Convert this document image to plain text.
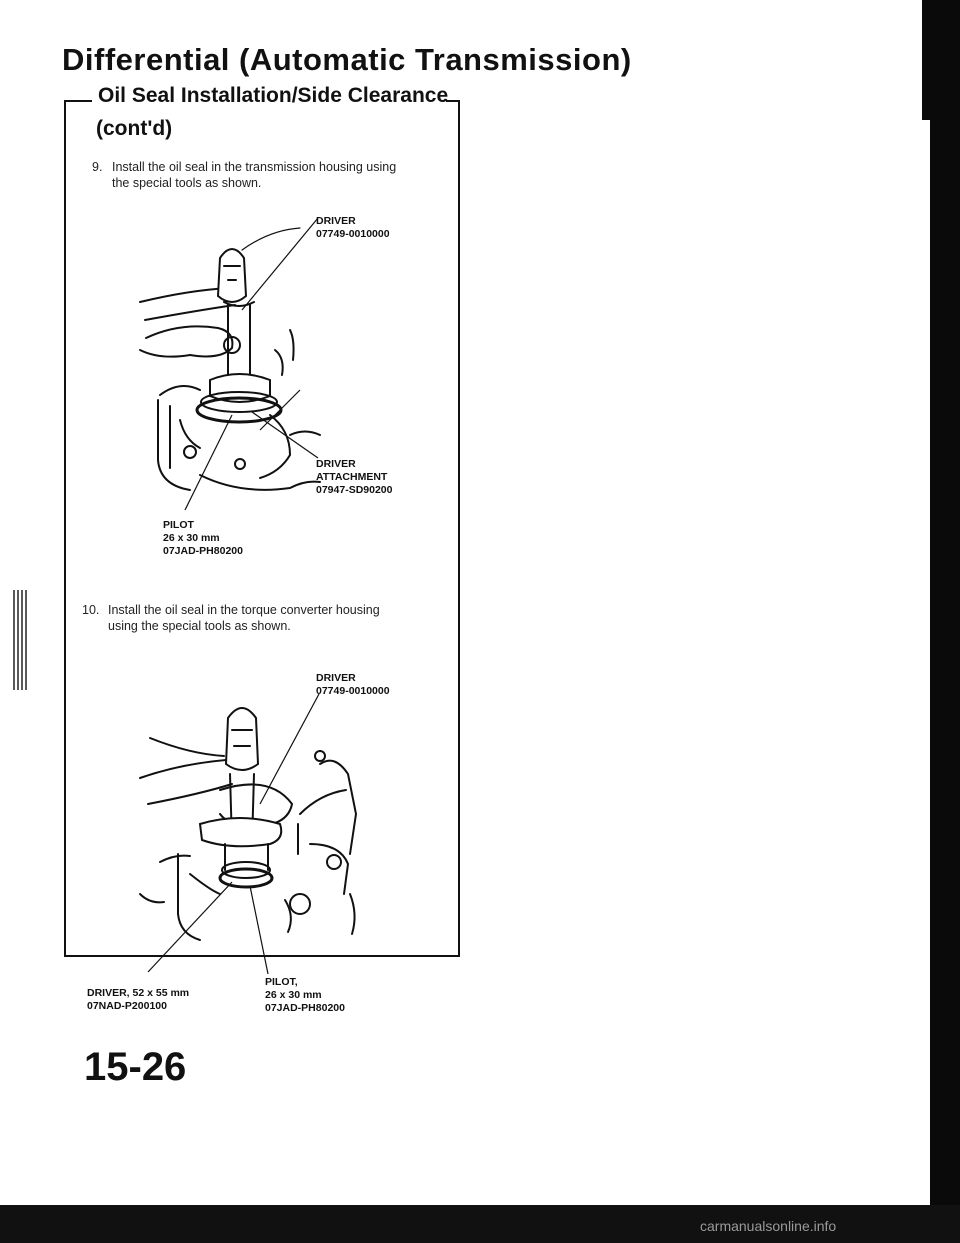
Differential (Automatic Transmission)
Oil Seal Installation/Side Clearance
(cont'd)
9. Install the oil seal in the transmission housing using
the special tools as shown.
DRIVER
07749-0010000
DRIVER
ATTACHMENT
07947-SD90200
PILOT
26 x 30 mm
07JAD-PH80200
10. Install the oil seal in the torque converter housing
using the special tools as shown.
DRIVER
07749-0010000
DRIVER, 52 x 55 mm
07NAD-P200100
PILOT,
26 x 30 mm
07JAD-PH80200
15-26
carmanualsonline.info
